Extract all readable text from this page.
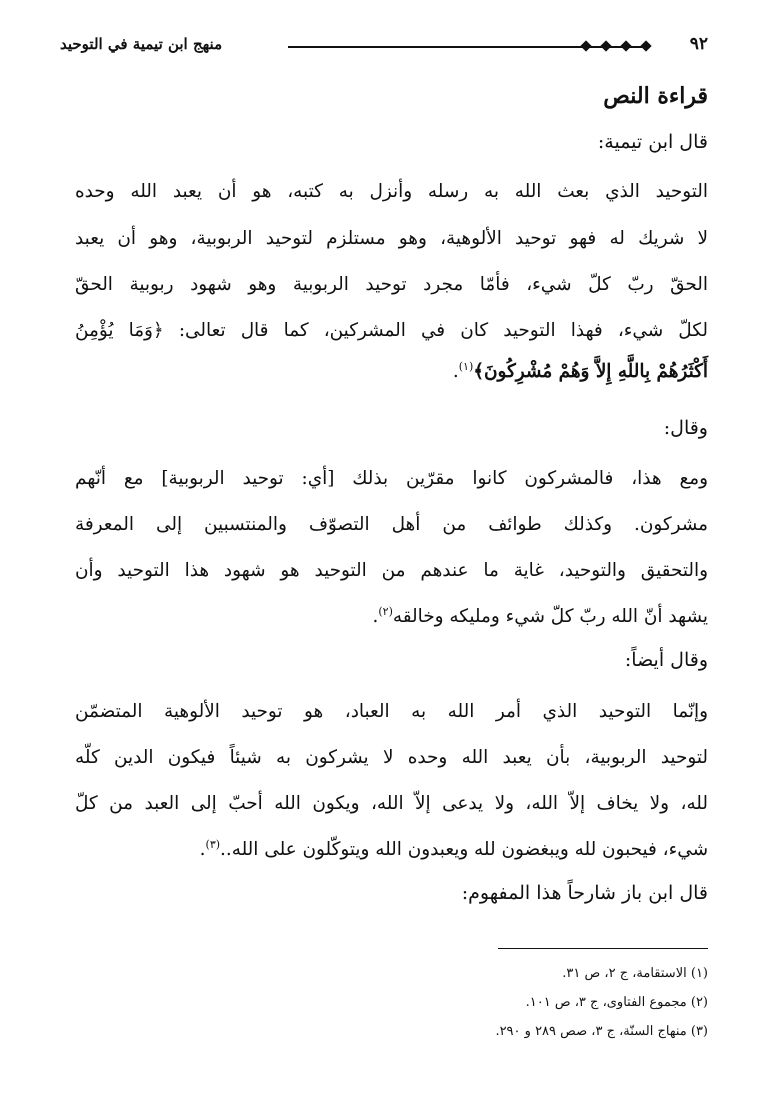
٩٢
منهج ابن تيمية في التوحيد
قراءة النص
قال ابن تيمية:
التوحيد الذي بعث الله به رسله وأنزل به كتبه، هو أن يعبد الله وحده
لا شريك له فهو توحيد الألوهية، وهو مستلزم لتوحيد الربوبية، وهو أن يعبد
الحقّ ربّ كلّ شيء، فأمّا مجرد توحيد الربوبية وهو شهود ربوبية الحقّ
لكلّ شيء، فهذا التوحيد كان في المشركين، كما قال تعالى: ﴿وَمَا يُؤْمِنُ
أَكْثَرُهُمْ بِاللَّهِ إِلاَّ وَهُمْ مُشْرِكُونَ﴾$^{(١)}$.
وقال:
ومع هذا، فالمشركون كانوا مقرّين بذلك [أي: توحيد الربوبية] مع أنّهم
مشركون. وكذلك طوائف من أهل التصوّف والمنتسبين إلى المعرفة
والتحقيق والتوحيد، غاية ما عندهم من التوحيد هو شهود هذا التوحيد وأن
يشهد أنّ الله ربّ كلّ شيء ومليكه وخالقه$^{(٢)}$.
وقال أيضاً:
وإنّما التوحيد الذي أمر الله به العباد، هو توحيد الألوهية المتضمّن
لتوحيد الربوبية، بأن يعبد الله وحده لا يشركون به شيئاً فيكون الدين كلّه
لله، ولا يخاف إلاّ الله، ولا يدعى إلاّ الله، ويكون الله أحبّ إلى العبد من كلّ
شيء، فيحبون لله ويبغضون لله ويعبدون الله ويتوكّلون على الله..$^{(٣)}$.
قال ابن باز شارحاً هذا المفهوم:
(١) الاستقامة، ج ٢، ص ٣١.
(٢) مجموع الفتاوى، ج ٣، ص ١٠١.
(٣) منهاج السنّة، ج ٣، صص ٢٨٩ و ٢٩٠.
